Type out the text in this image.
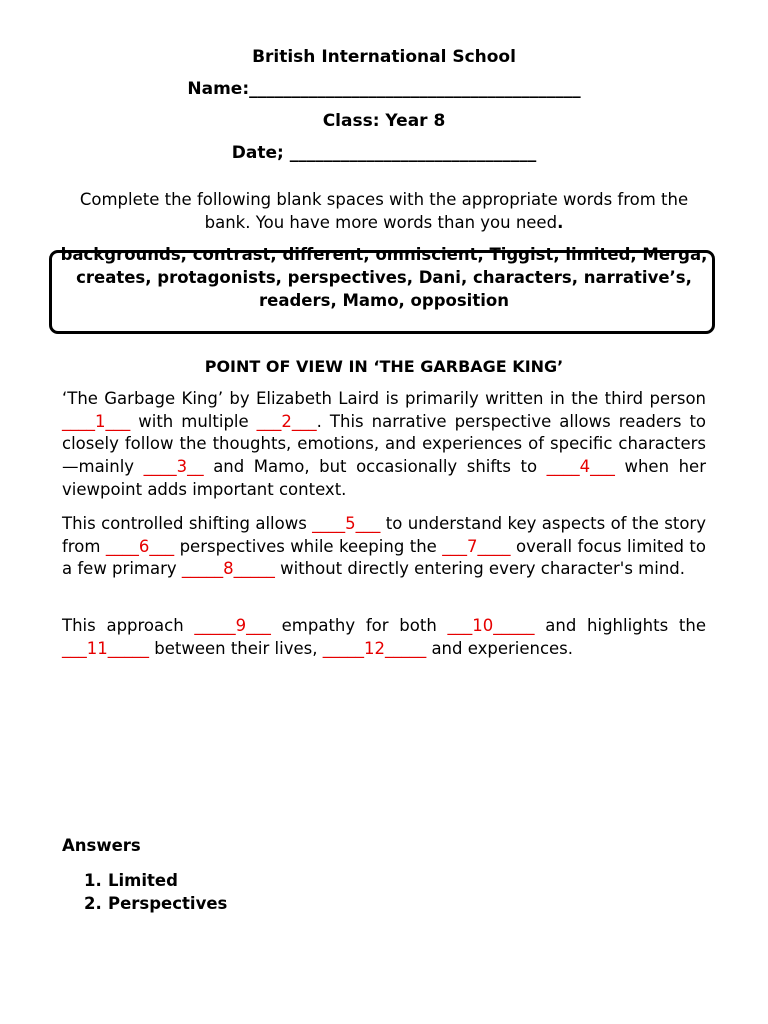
British International School
Name:_______________________________________
Class: Year 8
Date; _____________________________
Complete the following blank spaces with the appropriate words from the bank. You have more words than you need.
backgrounds, contrast, different, omniscient, Tiggist, limited, Merga, creates, protagonists, perspectives, Dani, characters, narrative’s, readers, Mamo, opposition
POINT OF VIEW IN ‘THE GARBAGE KING’
‘The Garbage King’ by Elizabeth Laird is primarily written in the third person ____1___ with multiple ___2___. This narrative perspective allows readers to closely follow the thoughts, emotions, and experiences of specific characters—mainly ____3__ and Mamo, but occasionally shifts to ____4___ when her viewpoint adds important context.
This controlled shifting allows ____5___ to understand key aspects of the story from ____6___ perspectives while keeping the ___7____ overall focus limited to a few primary _____8_____ without directly entering every character's mind.
This approach _____9___ empathy for both ___10_____ and highlights the ___11_____ between their lives, _____12_____ and experiences.
Answers
1. Limited
2. Perspectives
